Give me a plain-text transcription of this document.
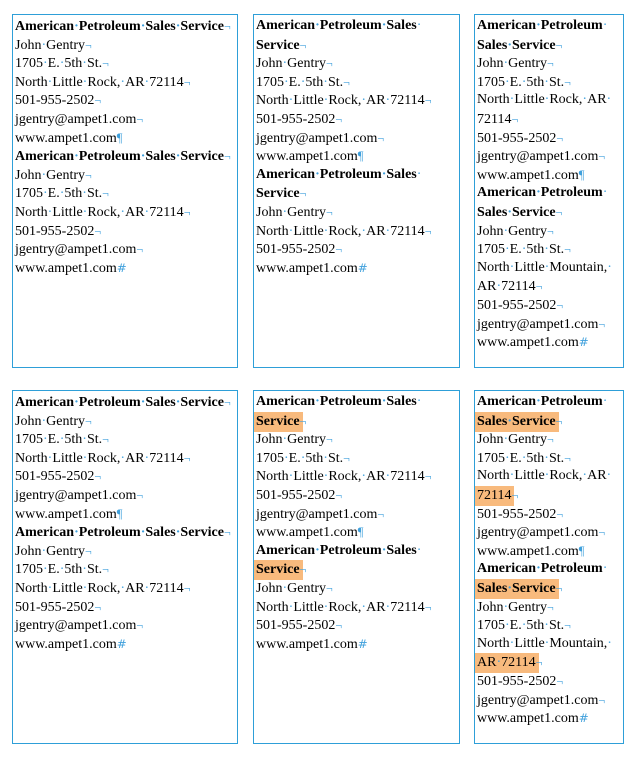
American·Petroleum·Sales·Service¬
John·Gentry¬
1705·E.·5th·St.¬
North·Little·Rock,·AR·72114¬
501-955-2502¬
jgentry@ampet1.com¬
www.ampet1.com¶
American·Petroleum·Sales·Service¬
John·Gentry¬
1705·E.·5th·St.¬
North·Little·Rock,·AR·72114¬
501-955-2502¬
jgentry@ampet1.com¬
www.ampet1.com#
American·Petroleum·Sales·
Service¬
John·Gentry¬
1705·E.·5th·St.¬
North·Little·Rock,·AR·72114¬
501-955-2502¬
jgentry@ampet1.com¬
www.ampet1.com¶
American·Petroleum·Sales·
Service¬
John·Gentry¬
North·Little·Rock,·AR·72114¬
501-955-2502¬
www.ampet1.com#
American·Petroleum·
Sales·Service¬
John·Gentry¬
1705·E.·5th·St.¬
North·Little·Rock,·AR·
72114¬
501-955-2502¬
jgentry@ampet1.com¬
www.ampet1.com¶
American·Petroleum·
Sales·Service¬
John·Gentry¬
1705·E.·5th·St.¬
North·Little·Mountain,·
AR·72114¬
501-955-2502¬
jgentry@ampet1.com¬
www.ampet1.com#
American·Petroleum·Sales·Service¬
John·Gentry¬
1705·E.·5th·St.¬
North·Little·Rock,·AR·72114¬
501-955-2502¬
jgentry@ampet1.com¬
www.ampet1.com¶
American·Petroleum·Sales·Service¬
John·Gentry¬
1705·E.·5th·St.¬
North·Little·Rock,·AR·72114¬
501-955-2502¬
jgentry@ampet1.com¬
www.ampet1.com#
American·Petroleum·Sales·
Service¬
John·Gentry¬
1705·E.·5th·St.¬
North·Little·Rock,·AR·72114¬
501-955-2502¬
jgentry@ampet1.com¬
www.ampet1.com¶
American·Petroleum·Sales·
Service¬
John·Gentry¬
North·Little·Rock,·AR·72114¬
501-955-2502¬
www.ampet1.com#
American·Petroleum·
Sales·Service¬
John·Gentry¬
1705·E.·5th·St.¬
North·Little·Rock,·AR·
72114¬
501-955-2502¬
jgentry@ampet1.com¬
www.ampet1.com¶
American·Petroleum·
Sales·Service¬
John·Gentry¬
1705·E.·5th·St.¬
North·Little·Mountain,·
AR·72114¬
501-955-2502¬
jgentry@ampet1.com¬
www.ampet1.com#
